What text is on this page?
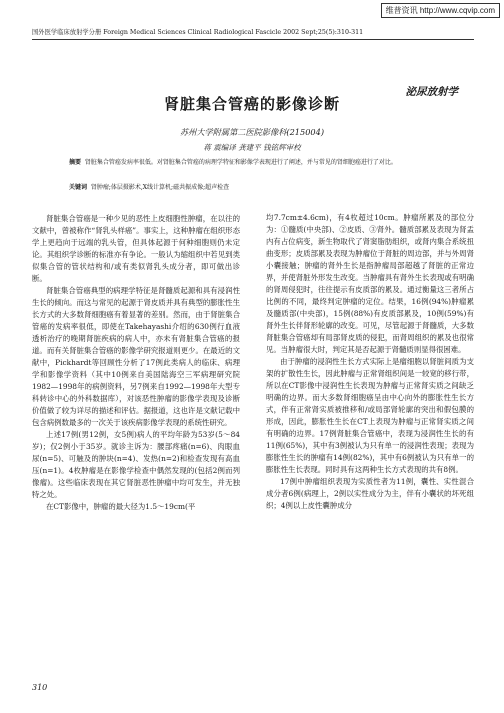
维普资讯 http://www.cqvip.com
国外医学临床放射学分册 Foreign Medical Sciences Clinical Radiological Fascicle 2002 Sept;25(5):310-311
泌尿放射学
肾脏集合管癌的影像诊断
苏州大学附属第二医院影像科(215004)
蒋 震编译 龚建平 钱铭辉审校
摘要 肾脏集合管癌发病率很低。对肾脏集合管癌的病理学特征和影像学表现进行了阐述，并与常见的肾细胞癌进行了对比。
关键词 肾肿瘤;体层摄影术,X线计算机;磁共振成像;超声检查

肾脏集合管癌是一种少见的恶性上皮细胞性肿瘤，在以往的文献中，曾被称作“肾乳头样癌”。事实上，这种肿瘤在组织形态学上更趋向于远端的乳头管，但具体起源于何种细胞则仍未定论。其组织学诊断的标准亦有争论。一般认为缩组织中若见到类似集合管的管状结构和/或有类似肾乳头成分者，即可做出诊断。

肾脏集合管癌典型的病理学特征是肾髓质起源和具有浸润性生长的倾向。而这与常见的起源于肾皮质并具有典型的膨胀性生长方式的大多数肾细胞癌有着显著的差别。然而，由于肾脏集合管癌的发病率很低，即使在Takehayashi介绍的630例行血液透析治疗的晚期肾脏疾病的病人中，亦未有肾脏集合管癌的报道。而有关肾脏集合管癌的影像学研究报道则更少。在最近的文献中，Pickhardt等回顾性分析了17例此类病人的临床、病理学和影像学资料（其中10例来自美国陆海空三军病理研究院1982—1998年的病例资料，另7例来自1992—1998年大型专科转诊中心的外科数据库），对该恶性肿瘤的影像学表现及诊断价值做了较为详尽的描述和评估。据报道，这也许是文献记载中包含病例数最多的一次关于该疾病影像学表现的系统性研究。

上述17例(男12例，女5例)病人的平均年龄为53岁(5～84岁)；仅2例小于35岁。就诊主诉为：腰部疼痛(n=6)、肉眼血尿(n=5)、可触及的肿块(n=4)、发热(n=2)和检查发现有高血压(n=1)。4枚肿瘤是在影像学检查中偶然发现的(包括2例而列像瘤)。这些临床表现在其它肾脏恶性肿瘤中均可发生，并无独特之处。

在CT影像中，肿瘤的最大径为1.5～19cm(平

均7.7cm±4.6cm)，有4枚超过10cm。肿瘤所累及的部位分为：①髓质(中央部)、②皮质、③肾外。髓质部累及表现为肾盂内有占位病变，新生物取代了肾窦脂肪组织，或肾内集合系统扭曲变形；皮质部累及表现为肿瘤位于肾脏的周边部，并与外周肾小囊接触；肿瘤的肾外生长是指肿瘤局部超越了肾脏的正常边界，并使肾脏外形发生改变。当肿瘤具有肾外生长表现或有明确的肾周侵犯时，往往提示有皮质部的累及。通过衡量这三者所占比例的不同，最终判定肿瘤的定位。结果，16例(94%)肿瘤累及髓质部(中央部)，15例(88%)有皮质部累及，10例(59%)有肾外生长伴肾形轮廓的改变。可见，尽管起源于肾髓质，大多数肾脏集合管癌却有局部肾皮质的侵犯，而肾周组织的累及也很常见。当肿瘤很大时，判定其是否起源于肾髓质则显得很困难。

由于肿瘤的浸润性生长方式实际上是瘤细胞以肾脏间质为支架的扩散性生长，因此肿瘤与正常肾组织间是一较宽的移行带，所以在CT影像中浸润性生长表现为肿瘤与正常肾实质之间缺乏明确的边界。而大多数肾细胞癌呈由中心向外的膨胀性生长方式，伴有正常肾实质被推移和/或局部肾轮廓的突出和假包膜的形成，因此，膨胀性生长在CT上表现为肿瘤与正常肾实质之间有明确的边界。17例肾脏集合管癌中，表现为浸润性生长的有11例(65%)，其中有3例被认为只有单一的浸润性表现；表现为膨胀性生长的肿瘤有14例(82%)，其中有6例被认为只有单一的膨胀性生长表现。同时具有这两种生长方式表现的共有8例。

17例中肿瘤组织表现为实质性者为11例，囊性、实性混合成分者6例(病理上，2例以实性成分为主，伴有小囊状的坏死组织；4例以上皮性囊肿成分

310
